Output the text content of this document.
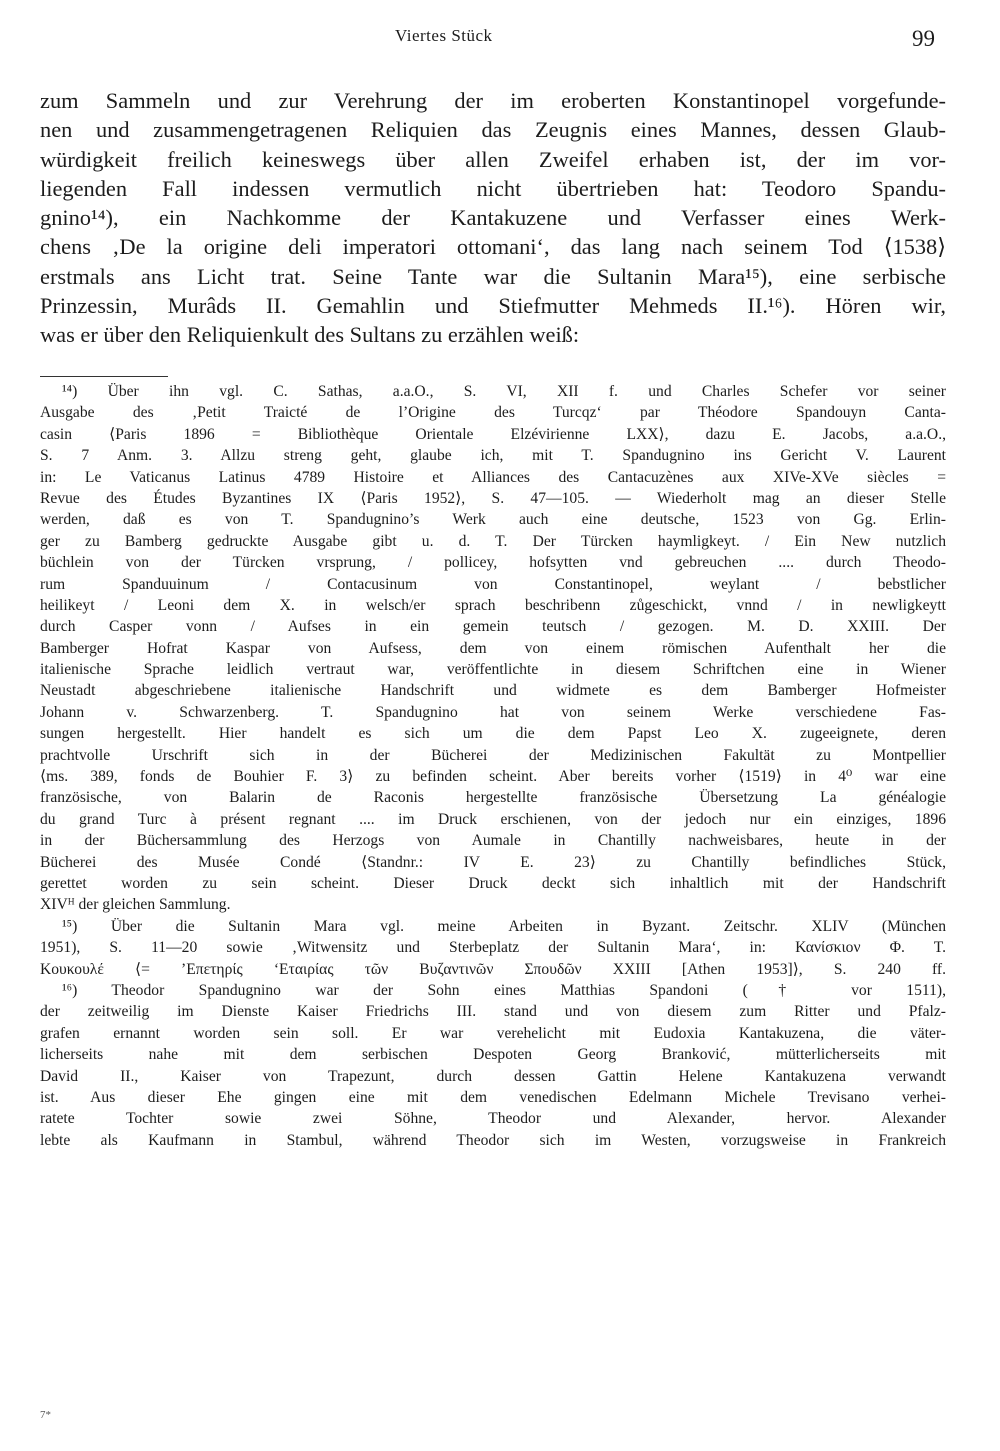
Viertes Stück	99
zum Sammeln und zur Verehrung der im eroberten Konstantinopel vorgefunde-
nen und zusammengetragenen Reliquien das Zeugnis eines Mannes, dessen Glaub-
würdigkeit freilich keineswegs über allen Zweifel erhaben ist, der im vor-
liegenden Fall indessen vermutlich nicht übertrieben hat: Teodoro Spandu-
gnino¹⁴), ein Nachkomme der Kantakuzene und Verfasser eines Werk-
chens ‚De la origine deli imperatori ottomani‘, das lang nach seinem Tod ⟨1538⟩
erstmals ans Licht trat. Seine Tante war die Sultanin Mara¹⁵), eine serbische
Prinzessin, Murâds II. Gemahlin und Stiefmutter Mehmeds II.¹⁶). Hören wir,
was er über den Reliquienkult des Sultans zu erzählen weiß:
¹⁴) Über ihn vgl. C. Sathas, a.a.O., S. VI, XII f. und Charles Schefer vor seiner
Ausgabe des ‚Petit Traicté de l’Origine des Turcqz‘ par Théodore Spandouyn Canta-
casin ⟨Paris 1896 = Bibliothèque Orientale Elzévirienne LXX⟩, dazu E. Jacobs, a.a.O.,
S. 7 Anm. 3. Allzu streng geht, glaube ich, mit T. Spandugnino ins Gericht V. Laurent
in: Le Vaticanus Latinus 4789 Histoire et Alliances des Cantacuzènes aux XIVe-XVe siècles =
Revue des Études Byzantines IX ⟨Paris 1952⟩, S. 47—105. — Wiederholt mag an dieser Stelle
werden, daß es von T. Spandugnino’s Werk auch eine deutsche, 1523 von Gg. Erlin-
ger zu Bamberg gedruckte Ausgabe gibt u. d. T. Der Türcken haymligkeyt. / Ein New nutzlich
büchlein von der Türcken vrsprung, / pollicey, hofsytten vnd gebreuchen .... durch Theodo-
rum Spanduuinum / Contacusinum von Constantinopel, weylant / bebstlicher
heilikeyt / Leoni dem X. in welsch/er sprach beschribenn zůgeschickt, vnnd / in newligkeytt
durch Casper vonn / Aufses in ein gemein teutsch / gezogen. M. D. XXIII. Der
Bamberger Hofrat Kaspar von Aufsess, dem von einem römischen Aufenthalt her die
italienische Sprache leidlich vertraut war, veröffentlichte in diesem Schriftchen eine in Wiener
Neustadt abgeschriebene italienische Handschrift und widmete es dem Bamberger Hofmeister
Johann v. Schwarzenberg. T. Spandugnino hat von seinem Werke verschiedene Fas-
sungen hergestellt. Hier handelt es sich um die dem Papst Leo X. zugeeignete, deren
prachtvolle Urschrift sich in der Bücherei der Medizinischen Fakultät zu Montpellier
⟨ms. 389, fonds de Bouhier F. 3⟩ zu befinden scheint. Aber bereits vorher ⟨1519⟩ in 4⁰ war eine
französische, von Balarin de Raconis hergestellte französische Übersetzung La généalogie
du grand Turc à présent regnant .... im Druck erschienen, von der jedoch nur ein einziges, 1896
in der Büchersammlung des Herzogs von Aumale in Chantilly nachweisbares, heute in der
Bücherei des Musée Condé ⟨Standnr.: IV E. 23⟩ zu Chantilly befindliches Stück,
gerettet worden zu sein scheint. Dieser Druck deckt sich inhaltlich mit der Handschrift
XIVᴴ der gleichen Sammlung.
¹⁵) Über die Sultanin Mara vgl. meine Arbeiten in Byzant. Zeitschr. XLIV (München
1951), S. 11—20 sowie ‚Witwensitz und Sterbeplatz der Sultanin Mara‘, in: Κανίσκιον Φ. Τ.
Κουκουλέ ⟨= ’Επετηρίς ‘Εταιρίας τῶν Βυζαντινῶν Σπουδῶν XXIII [Athen 1953]⟩, S. 240 ff.
¹⁶) Theodor Spandugnino war der Sohn eines Matthias Spandoni († vor 1511),
der zeitweilig im Dienste Kaiser Friedrichs III. stand und von diesem zum Ritter und Pfalz-
grafen ernannt worden sein soll. Er war verehelicht mit Eudoxia Kantakuzena, die väter-
licherseits nahe mit dem serbischen Despoten Georg Branković, mütterlicherseits mit
David II., Kaiser von Trapezunt, durch dessen Gattin Helene Kantakuzena verwandt
ist. Aus dieser Ehe gingen eine mit dem venedischen Edelmann Michele Trevisano verhei-
ratete Tochter sowie zwei Söhne, Theodor und Alexander, hervor. Alexander
lebte als Kaufmann in Stambul, während Theodor sich im Westen, vorzugsweise in Frankreich
7*
